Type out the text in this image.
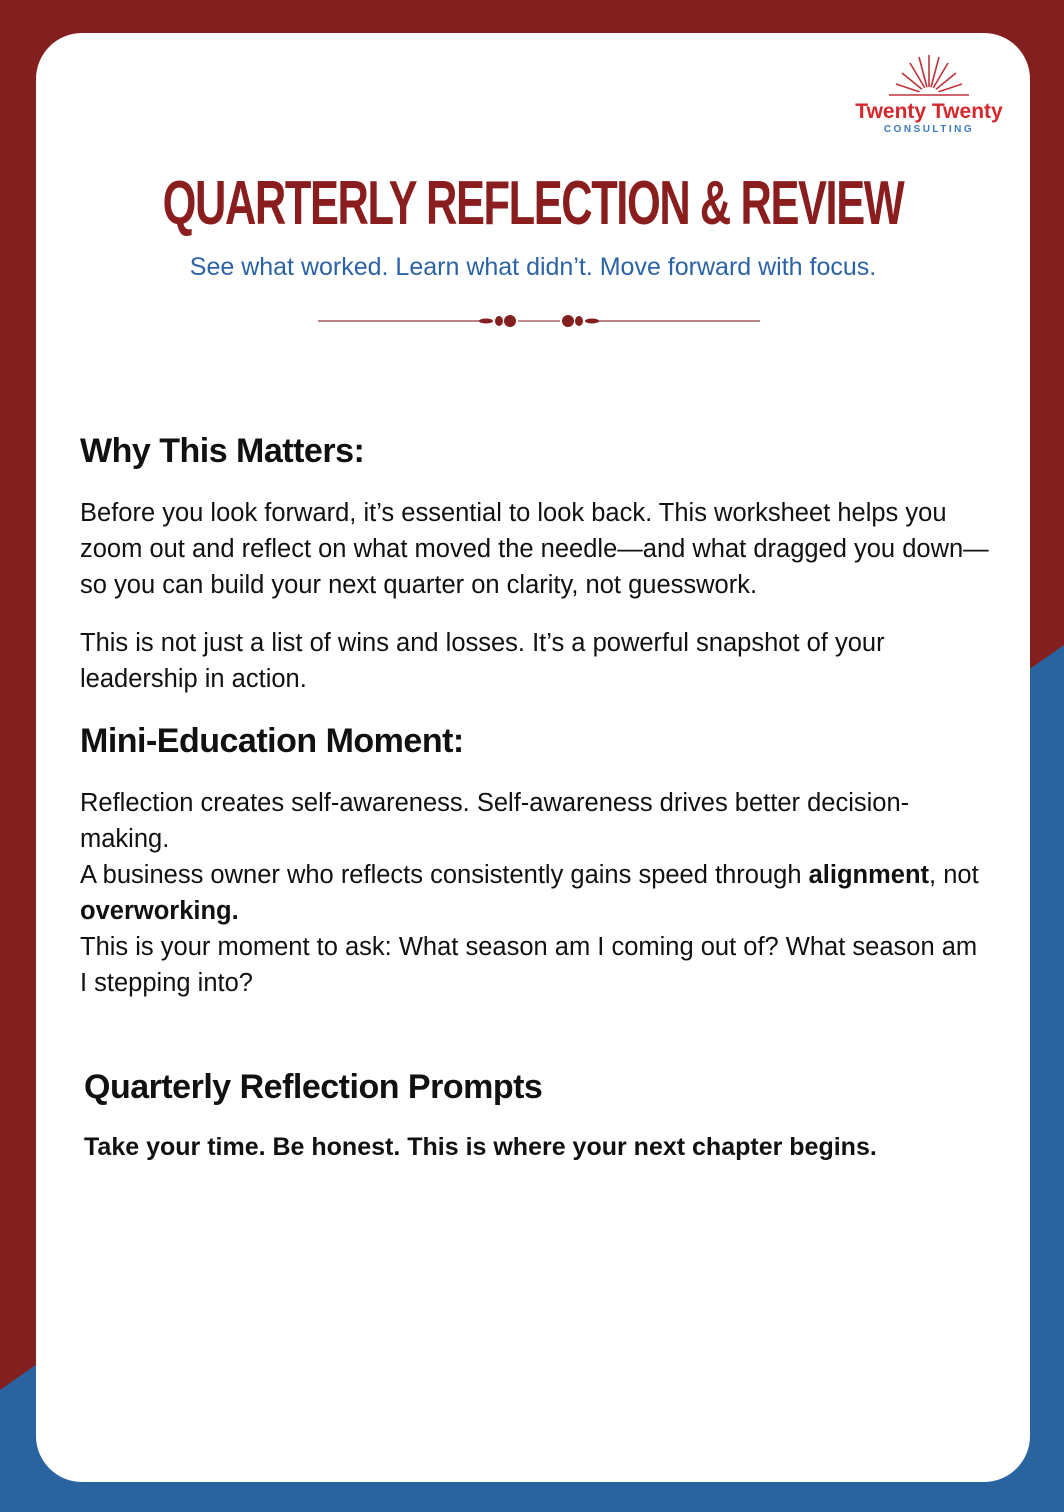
Twenty Twenty
CONSULTING
QUARTERLY REFLECTION & REVIEW
See what worked. Learn what didn’t. Move forward with focus.
Why This Matters:

Before you look forward, it’s essential to look back. This worksheet helps you zoom out and reflect on what moved the needle—and what dragged you down—so you can build your next quarter on clarity, not guesswork.

This is not just a list of wins and losses. It’s a powerful snapshot of your leadership in action.

Mini-Education Moment:

Reflection creates self-awareness. Self-awareness drives better decision-making.

A business owner who reflects consistently gains speed through alignment, not overworking.

This is your moment to ask: What season am I coming out of? What season am I stepping into?

Quarterly Reflection Prompts

Take your time. Be honest. This is where your next chapter begins.
